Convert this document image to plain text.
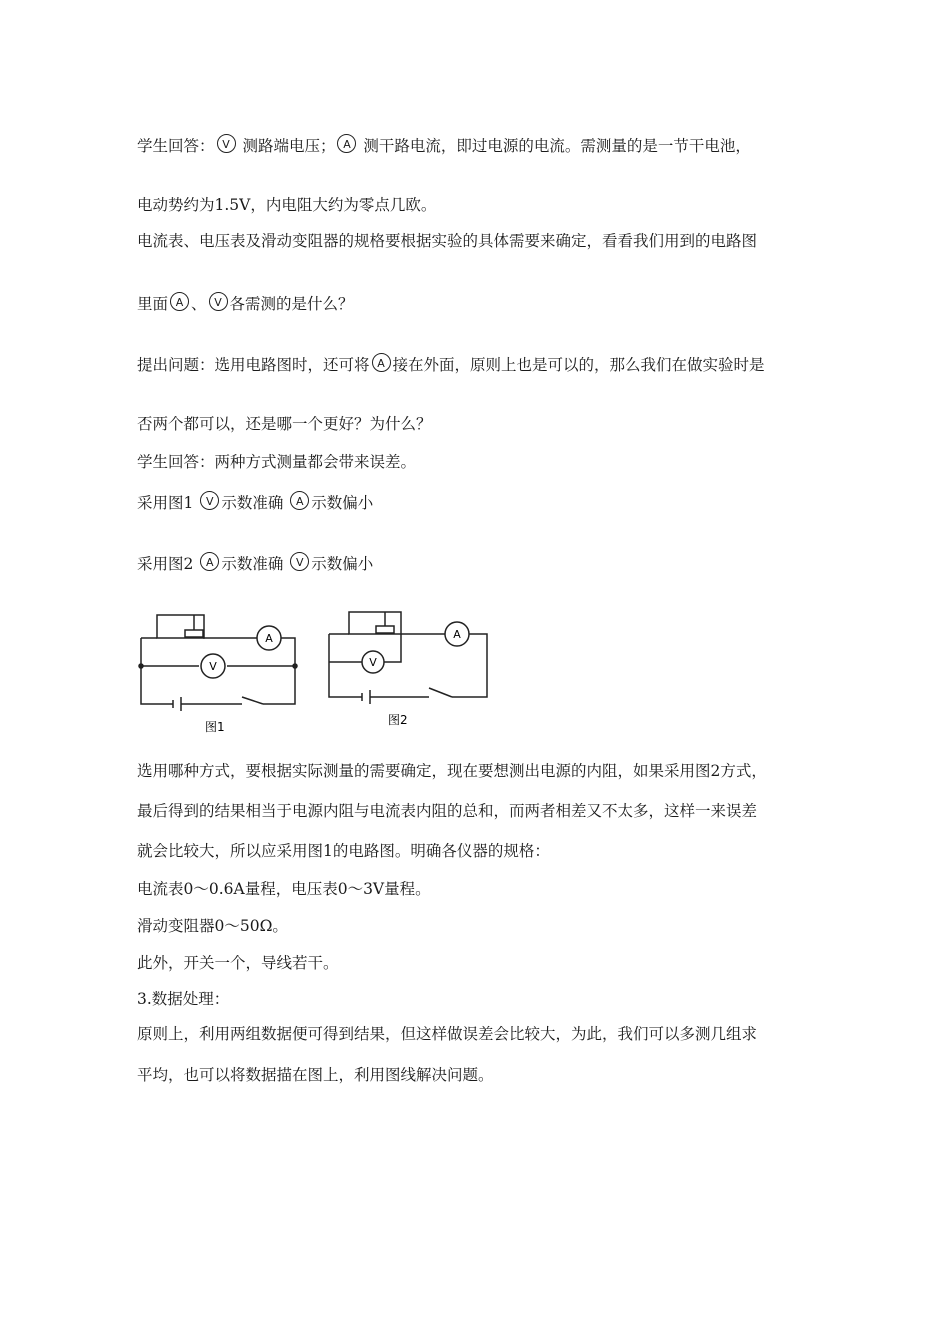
学生回答： V 测路端电压； A 测干路电流，即过电源的电流。需测量的是一节干电池，
电动势约为1.5V，内电阻大约为零点几欧。
电流表、电压表及滑动变阻器的规格要根据实验的具体需要来确定，看看我们用到的电路图
里面 A 、 V 各需测的是什么？
提出问题：选用电路图时，还可将 A 接在外面，原则上也是可以的，那么我们在做实验时是
否两个都可以，还是哪一个更好？为什么？
学生回答：两种方式测量都会带来误差。
采用图1 V 示数准确 A 示数偏小
采用图2 A 示数准确 V 示数偏小
A
V
图1
A
V
图2
选用哪种方式，要根据实际测量的需要确定，现在要想测出电源的内阻，如果采用图2方式，
最后得到的结果相当于电源内阻与电流表内阻的总和，而两者相差又不太多，这样一来误差
就会比较大，所以应采用图1的电路图。明确各仪器的规格：
电流表0～0.6A量程，电压表0～3V量程。
滑动变阻器0～50Ω。
此外，开关一个，导线若干。
3.数据处理：
原则上，利用两组数据便可得到结果，但这样做误差会比较大，为此，我们可以多测几组求
平均，也可以将数据描在图上，利用图线解决问题。
